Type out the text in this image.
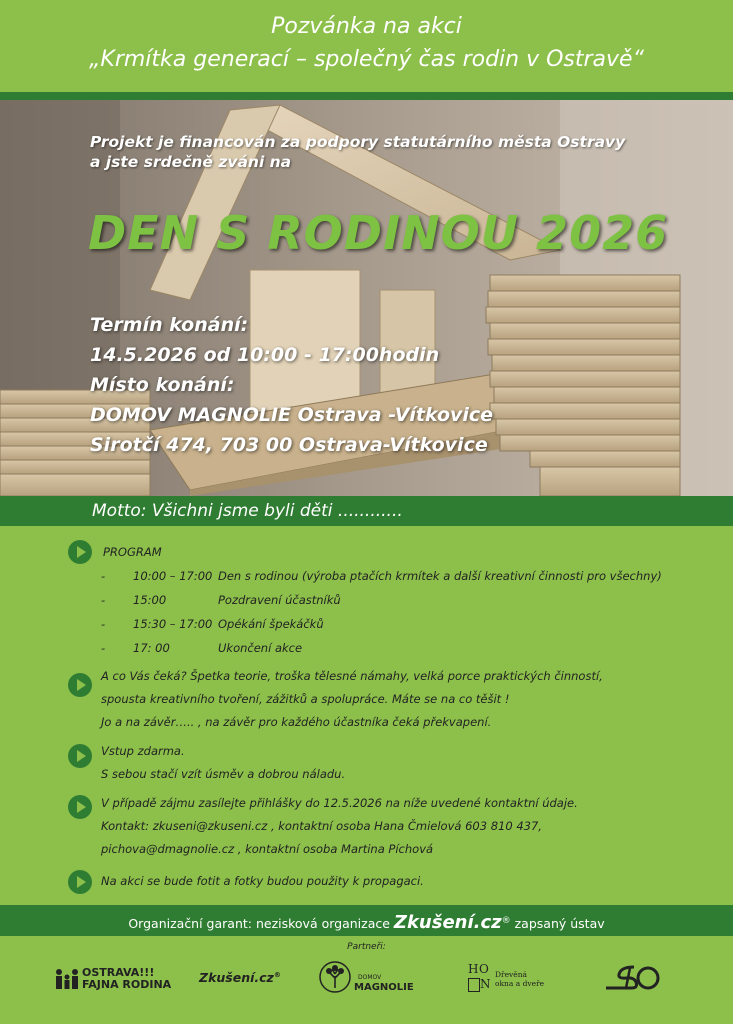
Pozvánka na akci
„Krmítka generací – společný čas rodin v Ostravě“
Projekt je financován za podpory statutárního města Ostravy
a jste srdečně zváni na
DEN S RODINOU 2026
Termín konání:
14.5.2026 od 10:00 - 17:00hodin
Místo konání:
DOMOV MAGNOLIE Ostrava -Vítkovice
Sirotčí 474, 703 00 Ostrava-Vítkovice
Motto: Všichni jsme byli děti ............
PROGRAM
- 10:00 – 17:00 Den s rodinou (výroba ptačích krmítek a další kreativní činnosti pro všechny)
- 15:00	Pozdravení účastníků
- 15:30 – 17:00 Opékání špekáčků
- 17: 00	Ukončení akce
A co Vás čeká? Špetka teorie, troška tělesné námahy, velká porce praktických činností,
spousta kreativního tvoření, zážitků a spolupráce. Máte se na co těšit !
Jo a na závěr….. , na závěr pro každého účastníka čeká překvapení.
Vstup zdarma.
S sebou stačí vzít úsměv a dobrou náladu.
V případě zájmu zasílejte přihlášky do 12.5.2026 na níže uvedené kontaktní údaje.
Kontakt: zkuseni@zkuseni.cz , kontaktní osoba Hana Čmielová 603 810 437,
pichova@dmagnolie.cz , kontaktní osoba Martina Píchová
Na akci se bude fotit a fotky budou použity k propagaci.
Organizační garant: nezisková organizace Zkušení.cz® zapsaný ústav
Partneři:
OSTRAVA!!!
FAJNA RODINA Zkušení.cz®	DOMOV
MAGNOLIE
H O
N
Dřevěná
okna a dveře
